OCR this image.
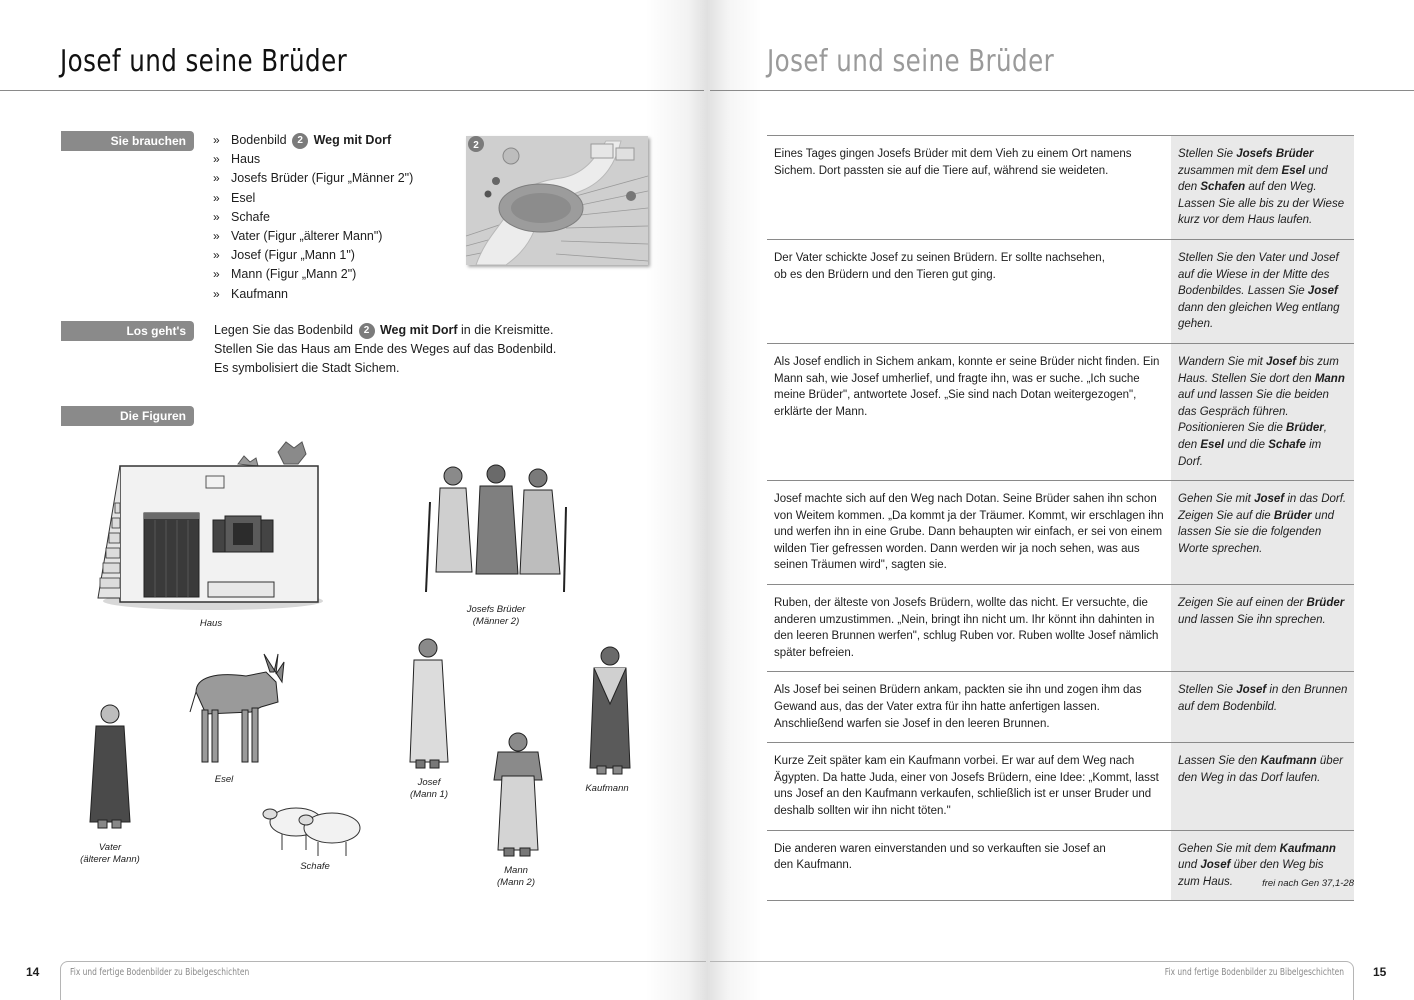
Josef und seine Brüder
Sie brauchen	» Bodenbild 2 Weg mit Dorf
» Haus
» Josefs Brüder (Figur „Männer 2")
» Esel
» Schafe
» Vater (Figur „älterer Mann")
» Josef (Figur „Mann 1")
» Mann (Figur „Mann 2")
» Kaufmann
2
Los geht's	Legen Sie das Bodenbild 2 Weg mit Dorf in die Kreismitte.
Stellen Sie das Haus am Ende des Weges auf das Bodenbild.
Es symbolisiert die Stadt Sichem.
Die Figuren
Haus
Josefs Brüder
(Männer 2)
Esel
Vater
(älterer Mann)
Schafe
Josef
(Mann 1)
Mann
(Mann 2)
Kaufmann
Josef und seine Brüder
Eines Tages gingen Josefs Brüder mit dem Vieh zu einem Ort namens Sichem. Dort passten sie auf die Tiere auf, während sie weideten.	Stellen Sie Josefs Brüder zusammen mit dem Esel und den Schafen auf den Weg. Lassen Sie alle bis zu der Wiese kurz vor dem Haus laufen.
Der Vater schickte Josef zu seinen Brüdern. Er sollte nachsehen,
ob es den Brüdern und den Tieren gut ging.	Stellen Sie den Vater und Josef auf die Wiese in der Mitte des Bodenbildes. Lassen Sie Josef dann den gleichen Weg entlang gehen.
Als Josef endlich in Sichem ankam, konnte er seine Brüder nicht finden. Ein Mann sah, wie Josef umherlief, und fragte ihn, was er suche. „Ich suche meine Brüder", antwortete Josef. „Sie sind nach Dotan weitergezogen", erklärte der Mann.	Wandern Sie mit Josef bis zum Haus. Stellen Sie dort den Mann auf und lassen Sie die beiden das Gespräch führen. Positionieren Sie die Brüder, den Esel und die Schafe im Dorf.
Josef machte sich auf den Weg nach Dotan. Seine Brüder sahen ihn schon von Weitem kommen. „Da kommt ja der Träumer. Kommt, wir erschlagen ihn und werfen ihn in eine Grube. Dann behaupten wir einfach, er sei von einem wilden Tier gefressen worden. Dann werden wir ja noch sehen, was aus seinen Träumen wird", sagten sie.	Gehen Sie mit Josef in das Dorf. Zeigen Sie auf die Brüder und lassen Sie sie die folgenden Worte sprechen.
Ruben, der älteste von Josefs Brüdern, wollte das nicht. Er versuchte, die anderen umzustimmen. „Nein, bringt ihn nicht um. Ihr könnt ihn dahinten in den leeren Brunnen werfen", schlug Ruben vor. Ruben wollte Josef nämlich später befreien.	Zeigen Sie auf einen der Brüder und lassen Sie ihn sprechen.
Als Josef bei seinen Brüdern ankam, packten sie ihn und zogen ihm das Gewand aus, das der Vater extra für ihn hatte anfertigen lassen. Anschließend warfen sie Josef in den leeren Brunnen.	Stellen Sie Josef in den Brunnen auf dem Bodenbild.
Kurze Zeit später kam ein Kaufmann vorbei. Er war auf dem Weg nach Ägypten. Da hatte Juda, einer von Josefs Brüdern, eine Idee: „Kommt, lasst uns Josef an den Kaufmann verkaufen, schließlich ist er unser Bruder und deshalb sollten wir ihn nicht töten."	Lassen Sie den Kaufmann über den Weg in das Dorf laufen.
Die anderen waren einverstanden und so verkauften sie Josef an
den Kaufmann.	Gehen Sie mit dem Kaufmann und Josef über den Weg bis zum Haus.	frei nach Gen 37,1-28
Fix und fertige Bodenbilder zu Bibelgeschichten	Fix und fertige Bodenbilder zu Bibelgeschichten
14	15
